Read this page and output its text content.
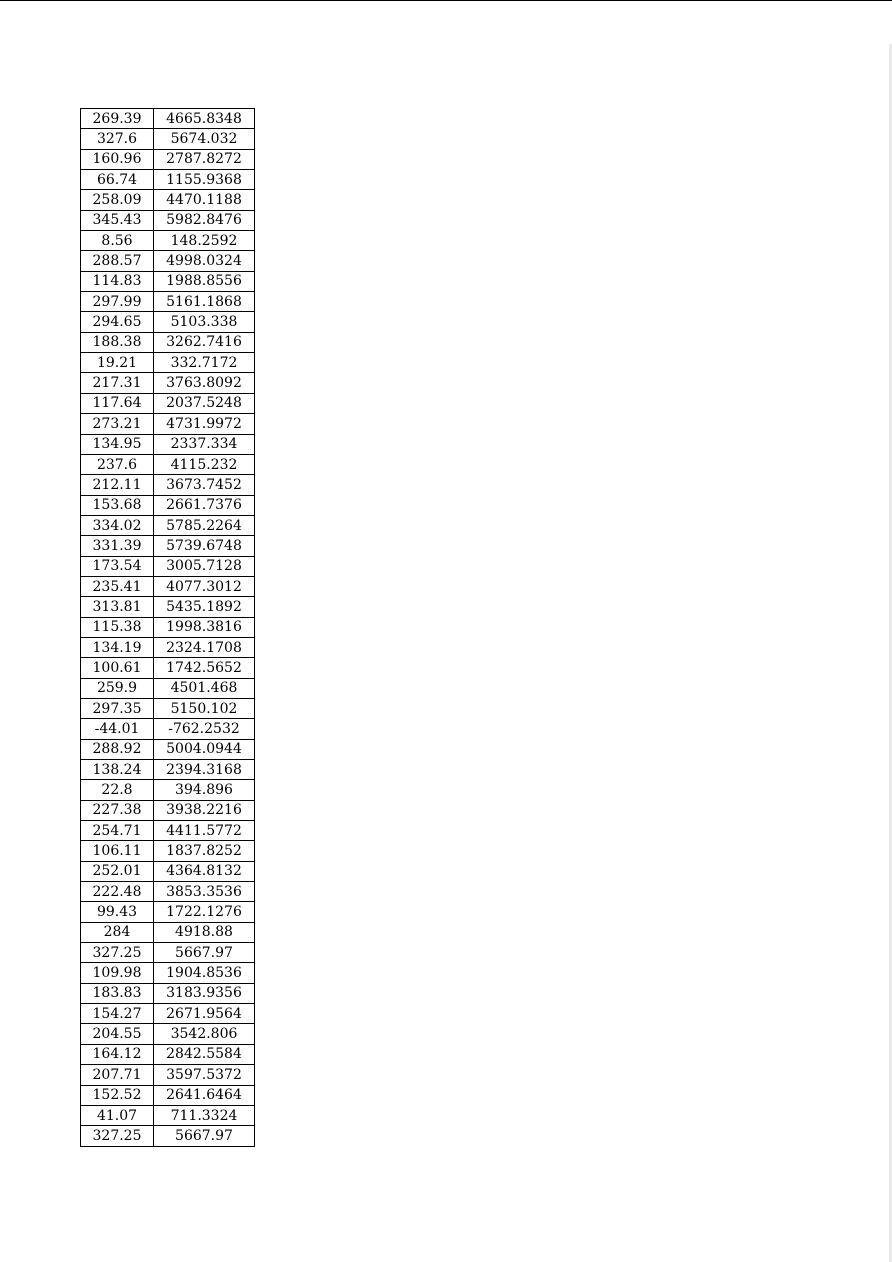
269.39	4665.8348
327.6	5674.032
160.96	2787.8272
66.74	1155.9368
258.09	4470.1188
345.43	5982.8476
8.56	148.2592
288.57	4998.0324
114.83	1988.8556
297.99	5161.1868
294.65	5103.338
188.38	3262.7416
19.21	332.7172
217.31	3763.8092
117.64	2037.5248
273.21	4731.9972
134.95	2337.334
237.6	4115.232
212.11	3673.7452
153.68	2661.7376
334.02	5785.2264
331.39	5739.6748
173.54	3005.7128
235.41	4077.3012
313.81	5435.1892
115.38	1998.3816
134.19	2324.1708
100.61	1742.5652
259.9	4501.468
297.35	5150.102
-44.01	-762.2532
288.92	5004.0944
138.24	2394.3168
22.8	394.896
227.38	3938.2216
254.71	4411.5772
106.11	1837.8252
252.01	4364.8132
222.48	3853.3536
99.43	1722.1276
284	4918.88
327.25	5667.97
109.98	1904.8536
183.83	3183.9356
154.27	2671.9564
204.55	3542.806
164.12	2842.5584
207.71	3597.5372
152.52	2641.6464
41.07	711.3324
327.25	5667.97
